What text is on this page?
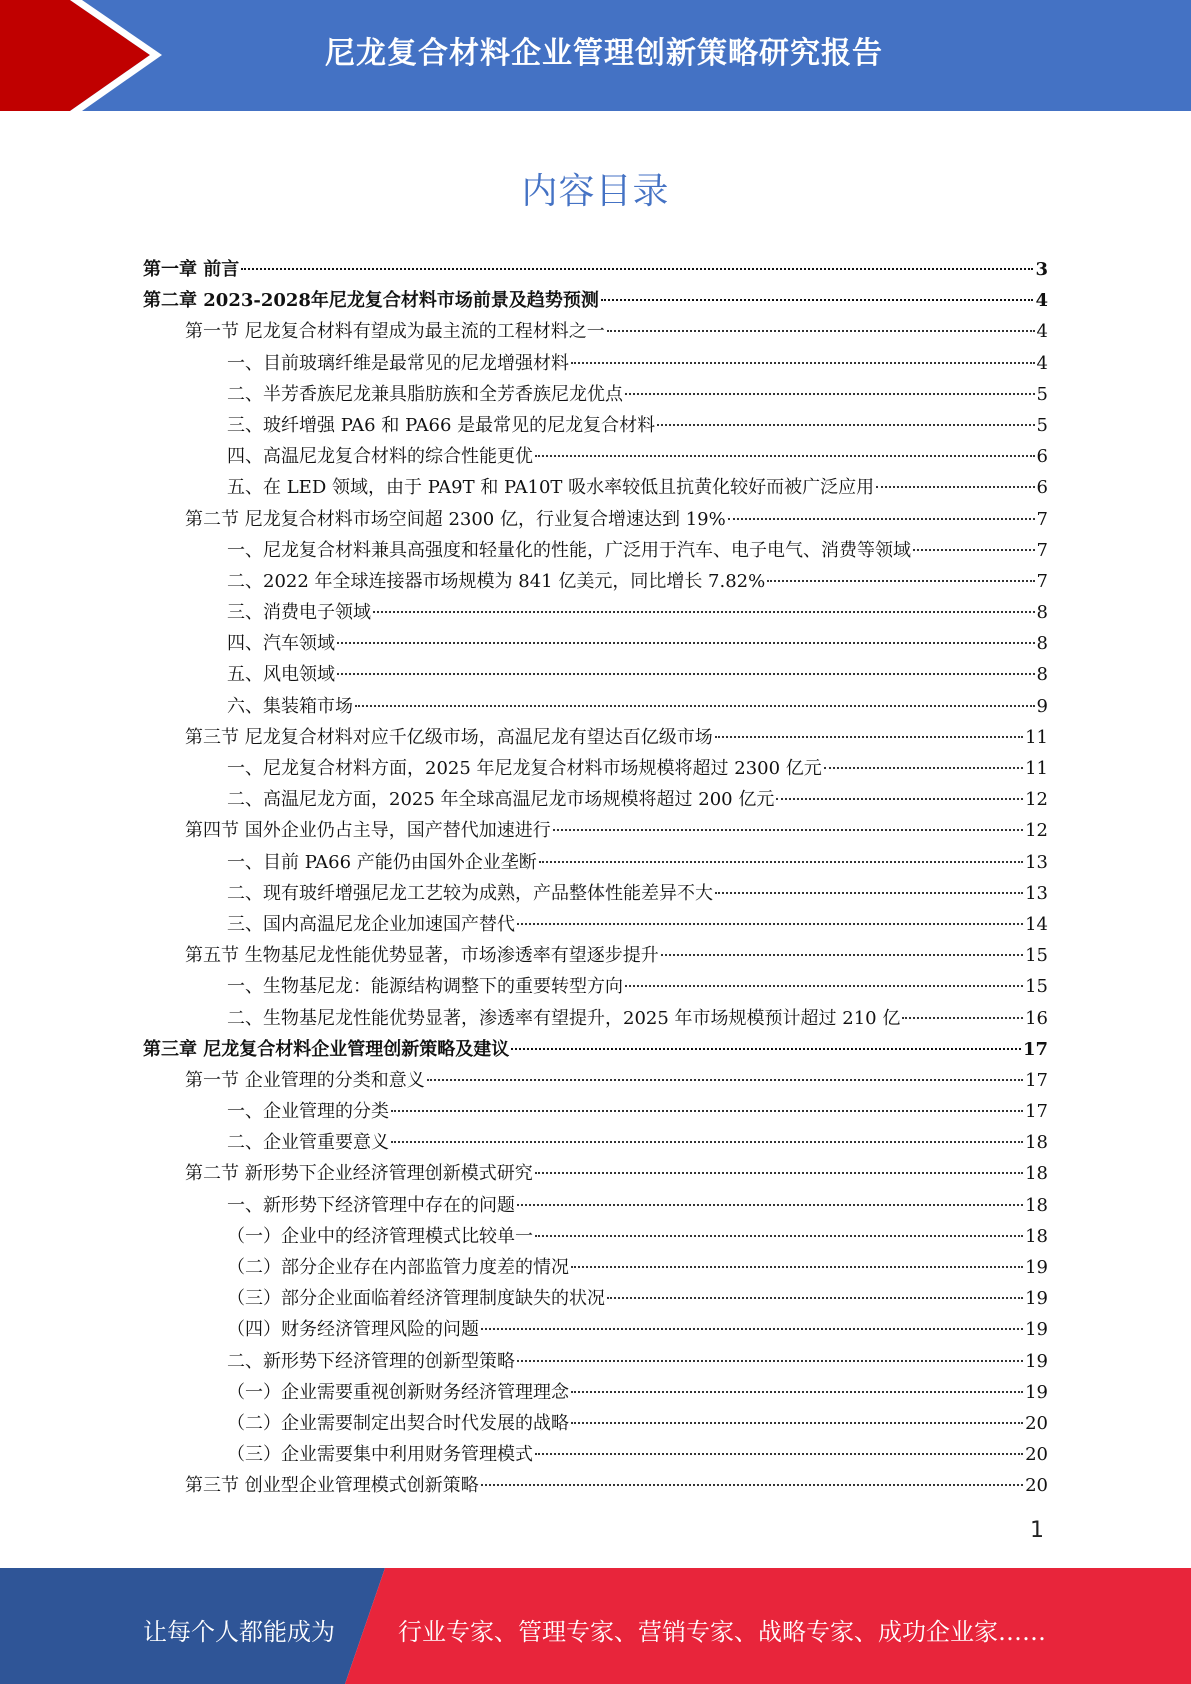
尼龙复合材料企业管理创新策略研究报告
内容目录
第一章 前言	3
第二章 2023-2028年尼龙复合材料市场前景及趋势预测	4
第一节 尼龙复合材料有望成为最主流的工程材料之一	4
一、目前玻璃纤维是最常见的尼龙增强材料	4
二、半芳香族尼龙兼具脂肪族和全芳香族尼龙优点	5
三、玻纤增强 PA6 和 PA66 是最常见的尼龙复合材料	5
四、高温尼龙复合材料的综合性能更优	6
五、在 LED 领域，由于 PA9T 和 PA10T 吸水率较低且抗黄化较好而被广泛应用	6
第二节 尼龙复合材料市场空间超 2300 亿，行业复合增速达到 19%	7
一、尼龙复合材料兼具高强度和轻量化的性能，广泛用于汽车、电子电气、消费等领域	7
二、2022 年全球连接器市场规模为 841 亿美元，同比增长 7.82%	7
三、消费电子领域	8
四、汽车领域	8
五、风电领域	8
六、集装箱市场	9
第三节 尼龙复合材料对应千亿级市场，高温尼龙有望达百亿级市场	11
一、尼龙复合材料方面，2025 年尼龙复合材料市场规模将超过 2300 亿元	11
二、高温尼龙方面，2025 年全球高温尼龙市场规模将超过 200 亿元	12
第四节 国外企业仍占主导，国产替代加速进行	12
一、目前 PA66 产能仍由国外企业垄断	13
二、现有玻纤增强尼龙工艺较为成熟，产品整体性能差异不大	13
三、国内高温尼龙企业加速国产替代	14
第五节 生物基尼龙性能优势显著，市场渗透率有望逐步提升	15
一、生物基尼龙：能源结构调整下的重要转型方向	15
二、生物基尼龙性能优势显著，渗透率有望提升，2025 年市场规模预计超过 210 亿	16
第三章 尼龙复合材料企业管理创新策略及建议	17
第一节 企业管理的分类和意义	17
一、企业管理的分类	17
二、企业管重要意义	18
第二节 新形势下企业经济管理创新模式研究	18
一、新形势下经济管理中存在的问题	18
（一）企业中的经济管理模式比较单一	18
（二）部分企业存在内部监管力度差的情况	19
（三）部分企业面临着经济管理制度缺失的状况	19
（四）财务经济管理风险的问题	19
二、新形势下经济管理的创新型策略	19
（一）企业需要重视创新财务经济管理理念	19
（二）企业需要制定出契合时代发展的战略	20
（三）企业需要集中利用财务管理模式	20
第三节 创业型企业管理模式创新策略	20
1
让每个人都能成为	行业专家、管理专家、营销专家、战略专家、成功企业家……
